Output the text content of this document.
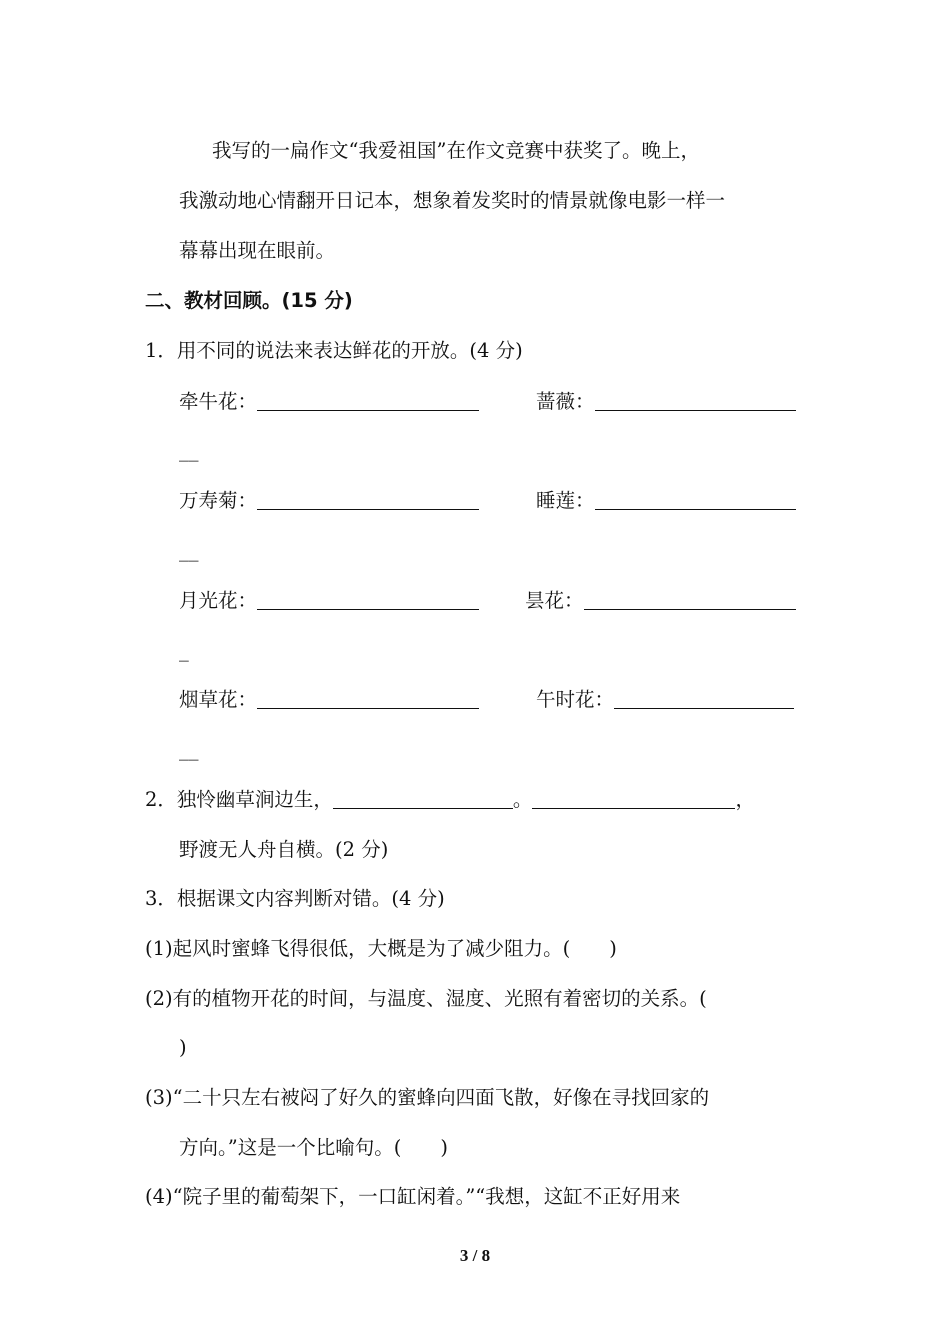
我写的一扁作文“我爱祖国”在作文竞赛中获奖了。晚上，
我激动地心情翻开日记本，想象着发奖时的情景就像电影一样一
幕幕出现在眼前。
二、教材回顾。(15 分)
1．用不同的说法来表达鲜花的开放。(4 分)
牵牛花：	蔷薇：
__
万寿菊：	睡莲：
__
月光花：	昙花：
_
烟草花：	午时花：
__
2．独怜幽草涧边生，	。	，
野渡无人舟自横。(2 分)
3．根据课文内容判断对错。(4 分)
(1)起风时蜜蜂飞得很低，大概是为了减少阻力。(　　)
(2)有的植物开花的时间，与温度、湿度、光照有着密切的关系。(
)
(3)“二十只左右被闷了好久的蜜蜂向四面飞散，好像在寻找回家的
方向。”这是一个比喻句。(　　)
(4)“院子里的葡萄架下，一口缸闲着。”“我想，这缸不正好用来
3 / 8
